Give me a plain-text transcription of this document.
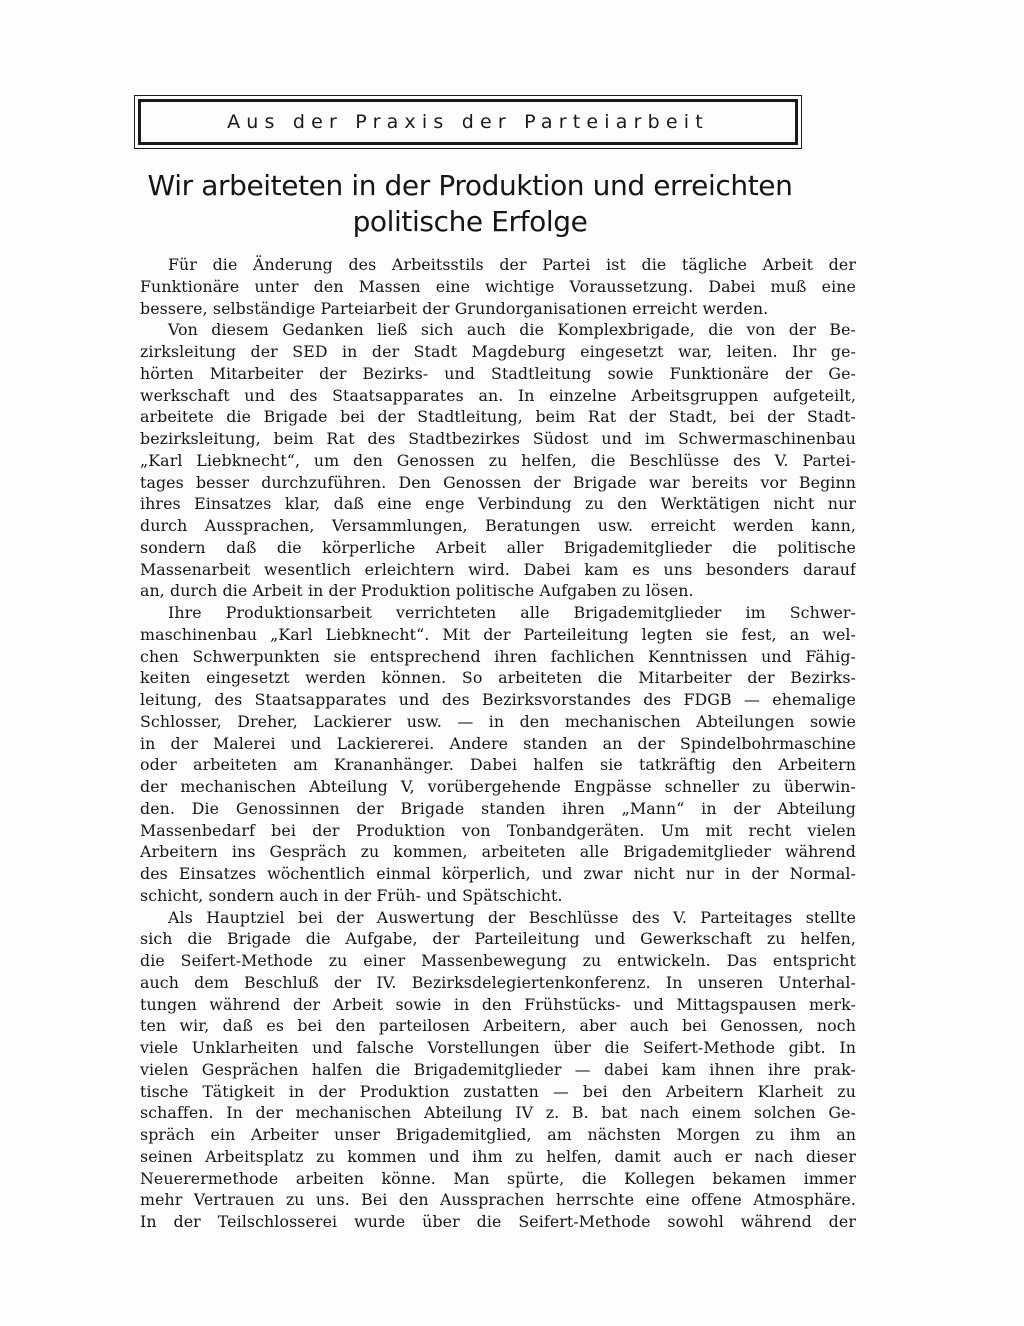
Aus der Praxis der Parteiarbeit
Wir arbeiteten in der Produktion und erreichten
politische Erfolge
Für die Änderung des Arbeitsstils der Partei ist die tägliche Arbeit der
Funktionäre unter den Massen eine wichtige Voraussetzung. Dabei muß eine
bessere, selbständige Parteiarbeit der Grundorganisationen erreicht werden.
Von diesem Gedanken ließ sich auch die Komplexbrigade, die von der Be-
zirksleitung der SED in der Stadt Magdeburg eingesetzt war, leiten. Ihr ge-
hörten Mitarbeiter der Bezirks- und Stadtleitung sowie Funktionäre der Ge-
werkschaft und des Staatsapparates an. In einzelne Arbeitsgruppen aufgeteilt,
arbeitete die Brigade bei der Stadtleitung, beim Rat der Stadt, bei der Stadt-
bezirksleitung, beim Rat des Stadtbezirkes Südost und im Schwermaschinenbau
„Karl Liebknecht“, um den Genossen zu helfen, die Beschlüsse des V. Partei-
tages besser durchzuführen. Den Genossen der Brigade war bereits vor Beginn
ihres Einsatzes klar, daß eine enge Verbindung zu den Werktätigen nicht nur
durch Aussprachen, Versammlungen, Beratungen usw. erreicht werden kann,
sondern daß die körperliche Arbeit aller Brigademitglieder die politische
Massenarbeit wesentlich erleichtern wird. Dabei kam es uns besonders darauf
an, durch die Arbeit in der Produktion politische Aufgaben zu lösen.
Ihre Produktionsarbeit verrichteten alle Brigademitglieder im Schwer-
maschinenbau „Karl Liebknecht“. Mit der Parteileitung legten sie fest, an wel-
chen Schwerpunkten sie entsprechend ihren fachlichen Kenntnissen und Fähig-
keiten eingesetzt werden können. So arbeiteten die Mitarbeiter der Bezirks-
leitung, des Staatsapparates und des Bezirksvorstandes des FDGB — ehemalige
Schlosser, Dreher, Lackierer usw. — in den mechanischen Abteilungen sowie
in der Malerei und Lackiererei. Andere standen an der Spindelbohrmaschine
oder arbeiteten am Krananhänger. Dabei halfen sie tatkräftig den Arbeitern
der mechanischen Abteilung V, vorübergehende Engpässe schneller zu überwin-
den. Die Genossinnen der Brigade standen ihren „Mann“ in der Abteilung
Massenbedarf bei der Produktion von Tonbandgeräten. Um mit recht vielen
Arbeitern ins Gespräch zu kommen, arbeiteten alle Brigademitglieder während
des Einsatzes wöchentlich einmal körperlich, und zwar nicht nur in der Normal-
schicht, sondern auch in der Früh- und Spätschicht.
Als Hauptziel bei der Auswertung der Beschlüsse des V. Parteitages stellte
sich die Brigade die Aufgabe, der Parteileitung und Gewerkschaft zu helfen,
die Seifert-Methode zu einer Massenbewegung zu entwickeln. Das entspricht
auch dem Beschluß der IV. Bezirksdelegiertenkonferenz. In unseren Unterhal-
tungen während der Arbeit sowie in den Frühstücks- und Mittagspausen merk-
ten wir, daß es bei den parteilosen Arbeitern, aber auch bei Genossen, noch
viele Unklarheiten und falsche Vorstellungen über die Seifert-Methode gibt. In
vielen Gesprächen halfen die Brigademitglieder — dabei kam ihnen ihre prak-
tische Tätigkeit in der Produktion zustatten — bei den Arbeitern Klarheit zu
schaffen. In der mechanischen Abteilung IV z. B. bat nach einem solchen Ge-
spräch ein Arbeiter unser Brigademitglied, am nächsten Morgen zu ihm an
seinen Arbeitsplatz zu kommen und ihm zu helfen, damit auch er nach dieser
Neuerermethode arbeiten könne. Man spürte, die Kollegen bekamen immer
mehr Vertrauen zu uns. Bei den Aussprachen herrschte eine offene Atmosphäre.
In der Teilschlosserei wurde über die Seifert-Methode sowohl während der
